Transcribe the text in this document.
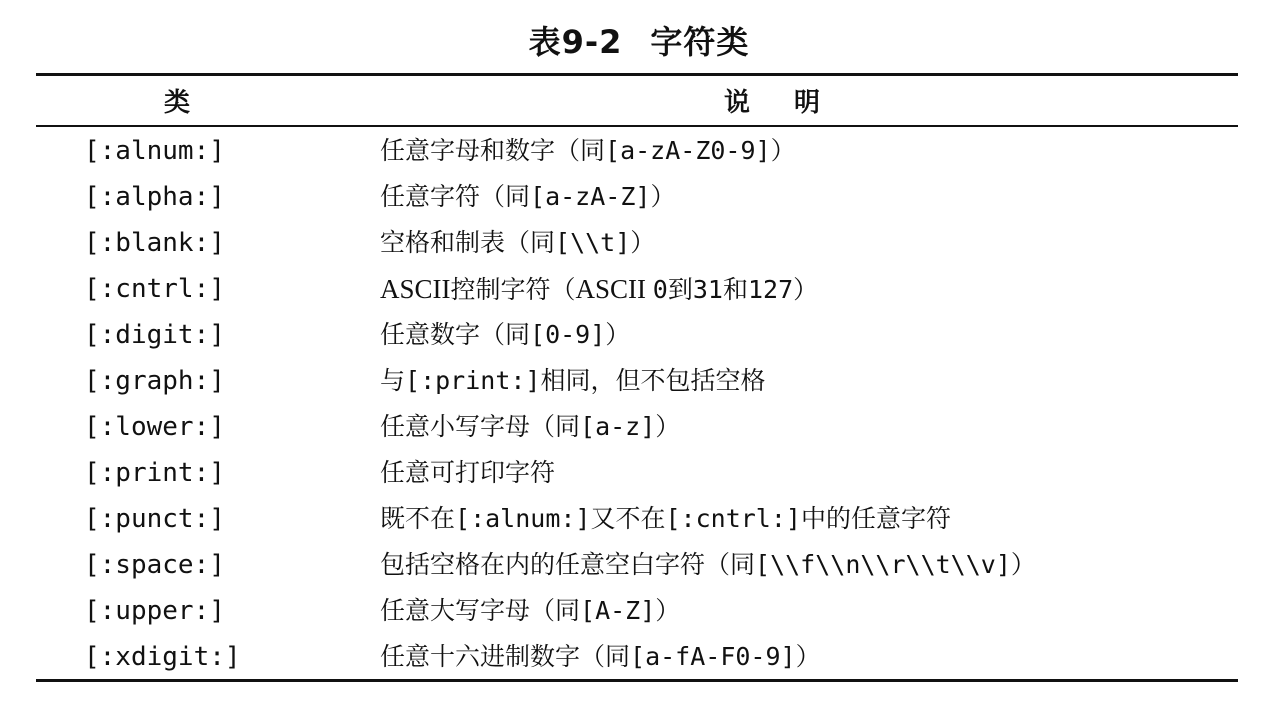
表9-2 字符类
类	说明
[:alnum:]	任意字母和数字（同[a-zA-Z0-9]）
[:alpha:]	任意字符（同[a-zA-Z]）
[:blank:]	空格和制表（同[\\t]）
[:cntrl:]	ASCII控制字符（ASCII 0到31和127）
[:digit:]	任意数字（同[0-9]）
[:graph:]	与[:print:]相同，但不包括空格
[:lower:]	任意小写字母（同[a-z]）
[:print:]	任意可打印字符
[:punct:]	既不在[:alnum:]又不在[:cntrl:]中的任意字符
[:space:]	包括空格在内的任意空白字符（同[\\f\\n\\r\\t\\v]）
[:upper:]	任意大写字母（同[A-Z]）
[:xdigit:]	任意十六进制数字（同[a-fA-F0-9]）
